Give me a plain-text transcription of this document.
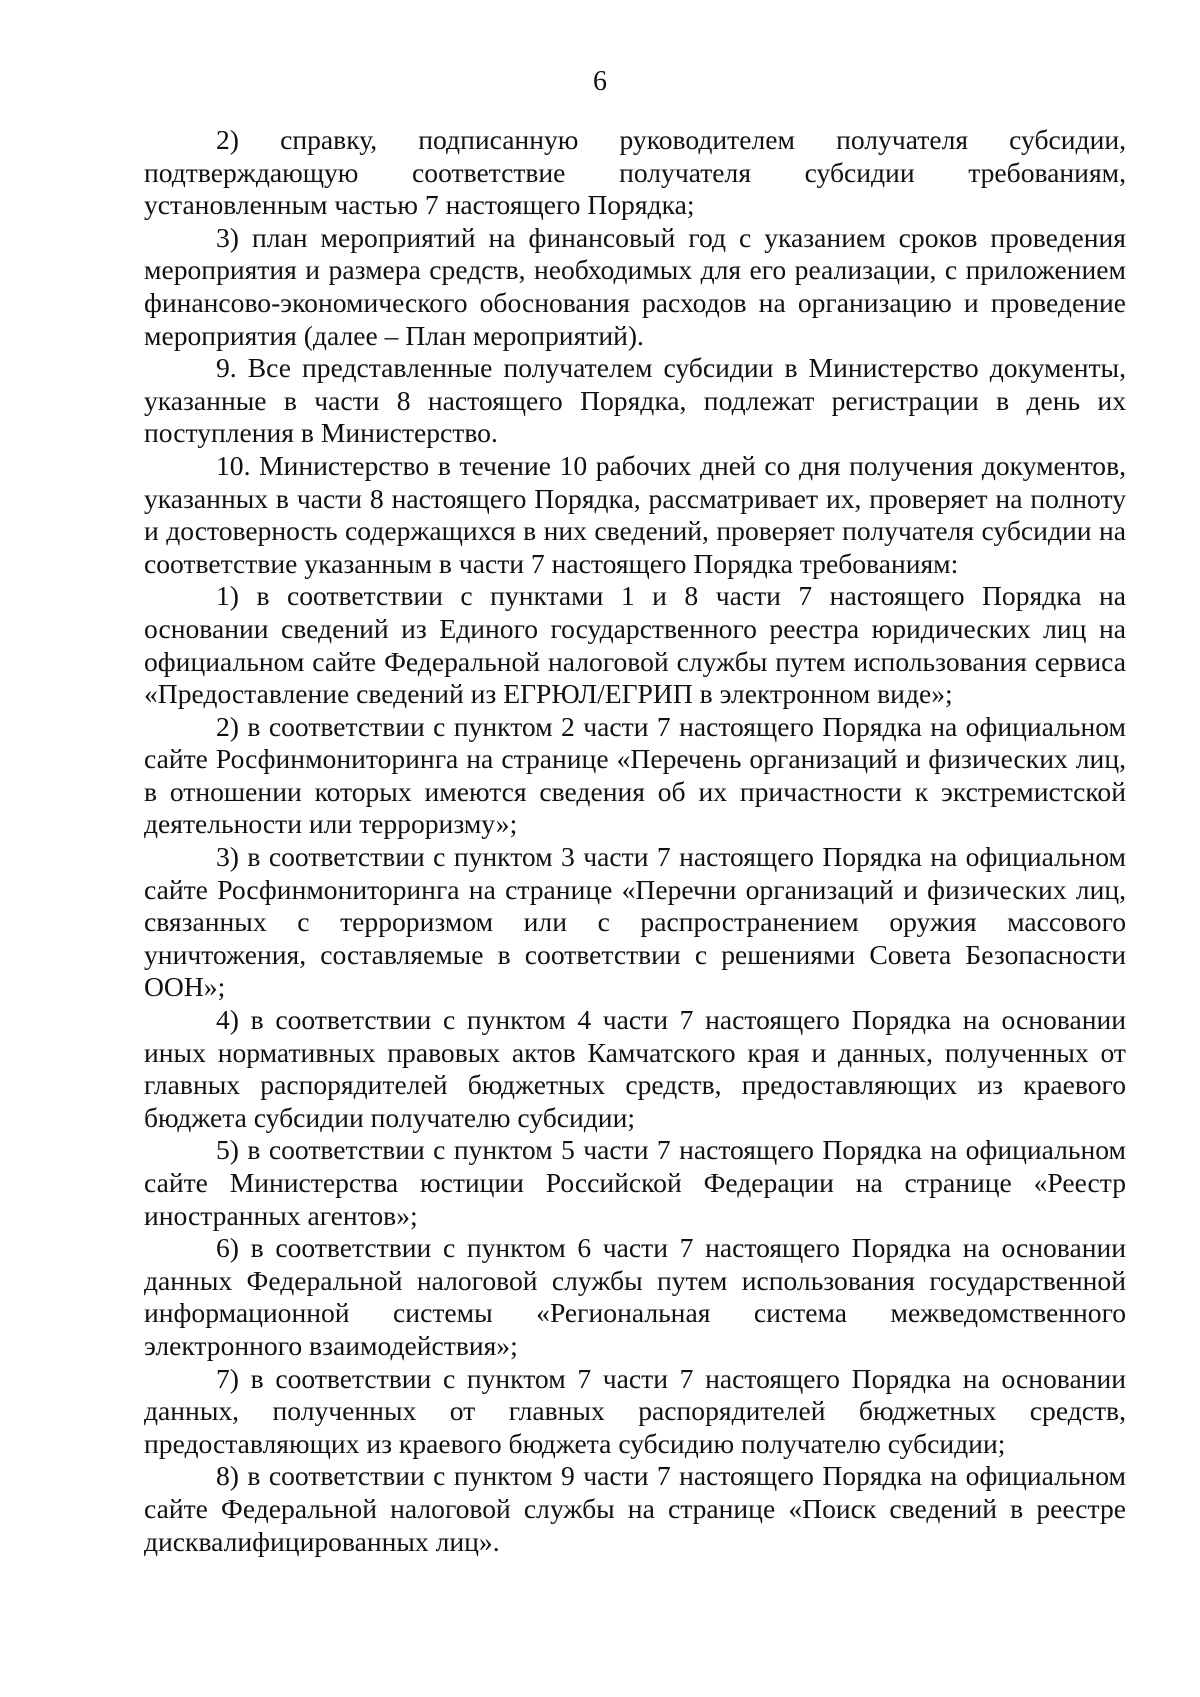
6

2) справку, подписанную руководителем получателя субсидии, подтверждающую соответствие получателя субсидии требованиям, установленным частью 7 настоящего Порядка;

3) план мероприятий на финансовый год с указанием сроков проведения мероприятия и размера средств, необходимых для его реализации, с приложением финансово-экономического обоснования расходов на организацию и проведение мероприятия (далее – План мероприятий).

9. Все представленные получателем субсидии в Министерство документы, указанные в части 8 настоящего Порядка, подлежат регистрации в день их поступления в Министерство.

10. Министерство в течение 10 рабочих дней со дня получения документов, указанных в части 8 настоящего Порядка, рассматривает их, проверяет на полноту и достоверность содержащихся в них сведений, проверяет получателя субсидии на соответствие указанным в части 7 настоящего Порядка требованиям:

1) в соответствии с пунктами 1 и 8 части 7 настоящего Порядка на основании сведений из Единого государственного реестра юридических лиц на официальном сайте Федеральной налоговой службы путем использования сервиса «Предоставление сведений из ЕГРЮЛ/ЕГРИП в электронном виде»;

2) в соответствии с пунктом 2 части 7 настоящего Порядка на официальном сайте Росфинмониторинга на странице «Перечень организаций и физических лиц, в отношении которых имеются сведения об их причастности к экстремистской деятельности или терроризму»;

3) в соответствии с пунктом 3 части 7 настоящего Порядка на официальном сайте Росфинмониторинга на странице «Перечни организаций и физических лиц, связанных с терроризмом или с распространением оружия массового уничтожения, составляемые в соответствии с решениями Совета Безопасности ООН»;

4) в соответствии с пунктом 4 части 7 настоящего Порядка на основании иных нормативных правовых актов Камчатского края и данных, полученных от главных распорядителей бюджетных средств, предоставляющих из краевого бюджета субсидии получателю субсидии;

5) в соответствии с пунктом 5 части 7 настоящего Порядка на официальном сайте Министерства юстиции Российской Федерации на странице «Реестр иностранных агентов»;

6) в соответствии с пунктом 6 части 7 настоящего Порядка на основании данных Федеральной налоговой службы путем использования государственной информационной системы «Региональная система межведомственного электронного взаимодействия»;

7) в соответствии с пунктом 7 части 7 настоящего Порядка на основании данных, полученных от главных распорядителей бюджетных средств, предоставляющих из краевого бюджета субсидию получателю субсидии;

8) в соответствии с пунктом 9 части 7 настоящего Порядка на официальном сайте Федеральной налоговой службы на странице «Поиск сведений в реестре дисквалифицированных лиц».
